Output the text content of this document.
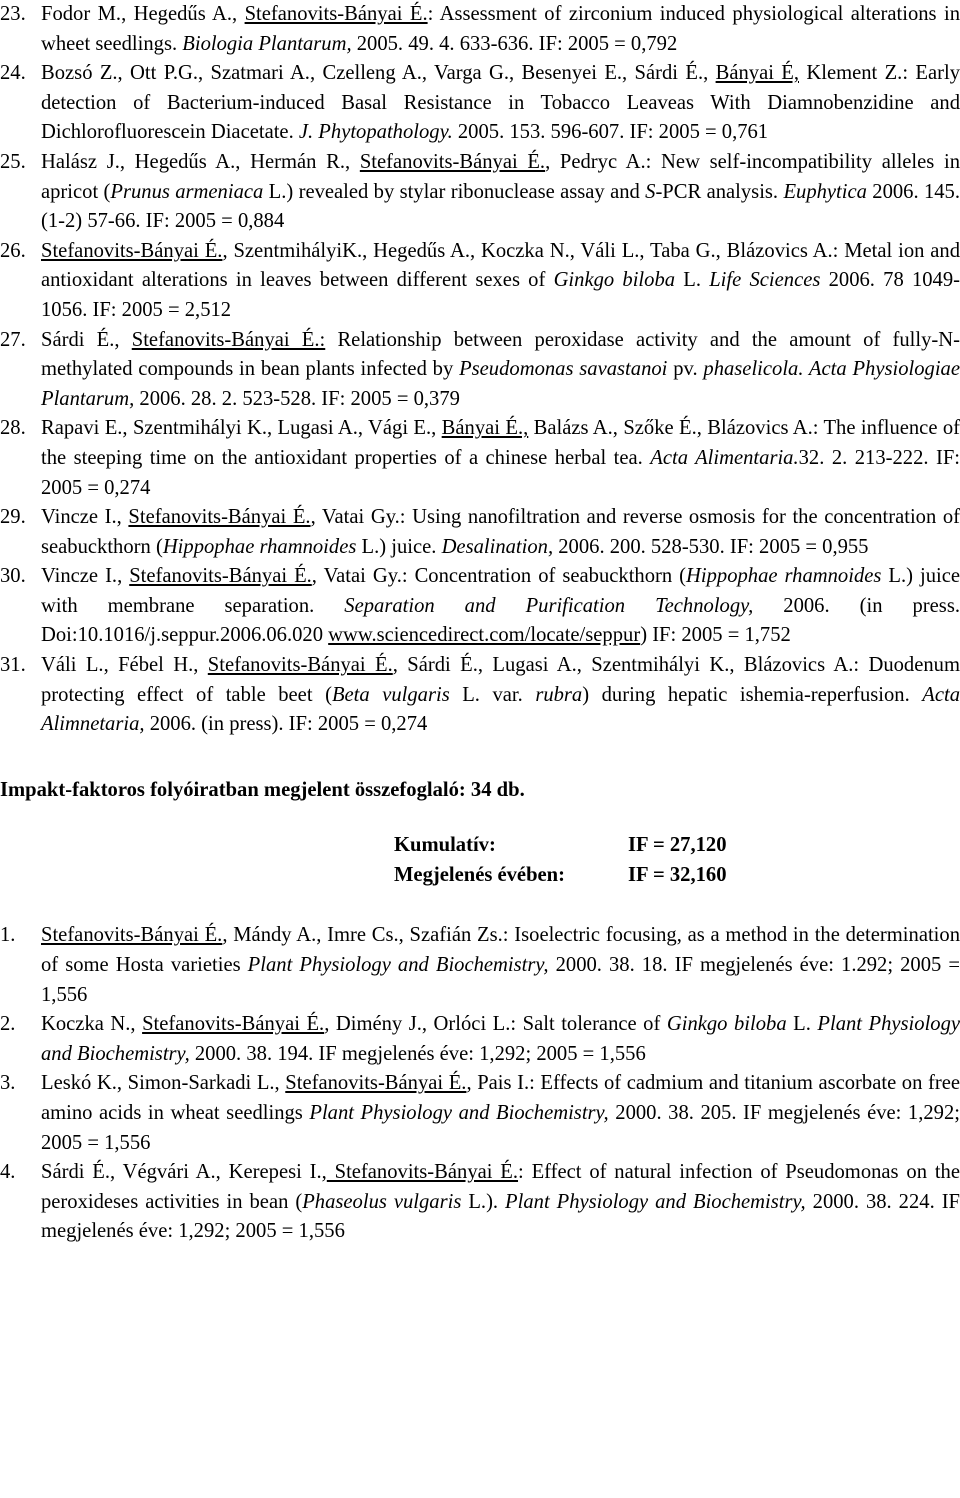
23. Fodor M., Hegedűs A., Stefanovits-Bányai É.: Assessment of zirconium induced physiological alterations in wheet seedlings. Biologia Plantarum, 2005. 49. 4. 633-636. IF: 2005 = 0,792
24. Bozsó Z., Ott P.G., Szatmari A., Czelleng A., Varga G., Besenyei E., Sárdi É., Bányai É, Klement Z.: Early detection of Bacterium-induced Basal Resistance in Tobacco Leaveas With Diamnobenzidine and Dichlorofluorescein Diacetate. J. Phytopathology. 2005. 153. 596-607. IF: 2005 = 0,761
25. Halász J., Hegedűs A., Hermán R., Stefanovits-Bányai É., Pedryc A.: New self-incompatibility alleles in apricot (Prunus armeniaca L.) revealed by stylar ribonuclease assay and S-PCR analysis. Euphytica 2006. 145. (1-2) 57-66. IF: 2005 = 0,884
26. Stefanovits-Bányai É., SzentmihályiK., Hegedűs A., Koczka N., Váli L., Taba G., Blázovics A.: Metal ion and antioxidant alterations in leaves between different sexes of Ginkgo biloba L. Life Sciences 2006. 78 1049-1056. IF: 2005 = 2,512
27. Sárdi É., Stefanovits-Bányai É.: Relationship between peroxidase activity and the amount of fully-N-methylated compounds in bean plants infected by Pseudomonas savastanoi pv. phaselicola. Acta Physiologiae Plantarum, 2006. 28. 2. 523-528. IF: 2005 = 0,379
28. Rapavi E., Szentmihályi K., Lugasi A., Vági E., Bányai É., Balázs A., Szőke É., Blázovics A.: The influence of the steeping time on the antioxidant properties of a chinese herbal tea. Acta Alimentaria.32. 2. 213-222. IF: 2005 = 0,274
29. Vincze I., Stefanovits-Bányai É., Vatai Gy.: Using nanofiltration and reverse osmosis for the concentration of seabuckthorn (Hippophae rhamnoides L.) juice. Desalination, 2006. 200. 528-530. IF: 2005 = 0,955
30. Vincze I., Stefanovits-Bányai É., Vatai Gy.: Concentration of seabuckthorn (Hippophae rhamnoides L.) juice with membrane separation. Separation and Purification Technology, 2006. (in press. Doi:10.1016/j.seppur.2006.06.020 www.sciencedirect.com/locate/seppur) IF: 2005 = 1,752
31. Váli L., Fébel H., Stefanovits-Bányai É., Sárdi É., Lugasi A., Szentmihályi K., Blázovics A.: Duodenum protecting effect of table beet (Beta vulgaris L. var. rubra) during hepatic ishemia-reperfusion. Acta Alimnetaria, 2006. (in press). IF: 2005 = 0,274

Impakt-faktoros folyóiratban megjelent összefoglaló: 34 db.

Kumulatív:	IF = 27,120
Megjelenés évében:	IF = 32,160
1. Stefanovits-Bányai É., Mándy A., Imre Cs., Szafián Zs.: Isoelectric focusing, as a method in the determination of some Hosta varieties Plant Physiology and Biochemistry, 2000. 38. 18. IF megjelenés éve: 1.292; 2005 = 1,556
2. Koczka N., Stefanovits-Bányai É., Dimény J., Orlóci L.: Salt tolerance of Ginkgo biloba L. Plant Physiology and Biochemistry, 2000. 38. 194. IF megjelenés éve: 1,292; 2005 = 1,556
3. Leskó K., Simon-Sarkadi L., Stefanovits-Bányai É., Pais I.: Effects of cadmium and titanium ascorbate on free amino acids in wheat seedlings Plant Physiology and Biochemistry, 2000. 38. 205. IF megjelenés éve: 1,292; 2005 = 1,556
4. Sárdi É., Végvári A., Kerepesi I., Stefanovits-Bányai É.: Effect of natural infection of Pseudomonas on the peroxideses activities in bean (Phaseolus vulgaris L.). Plant Physiology and Biochemistry, 2000. 38. 224. IF megjelenés éve: 1,292; 2005 = 1,556
